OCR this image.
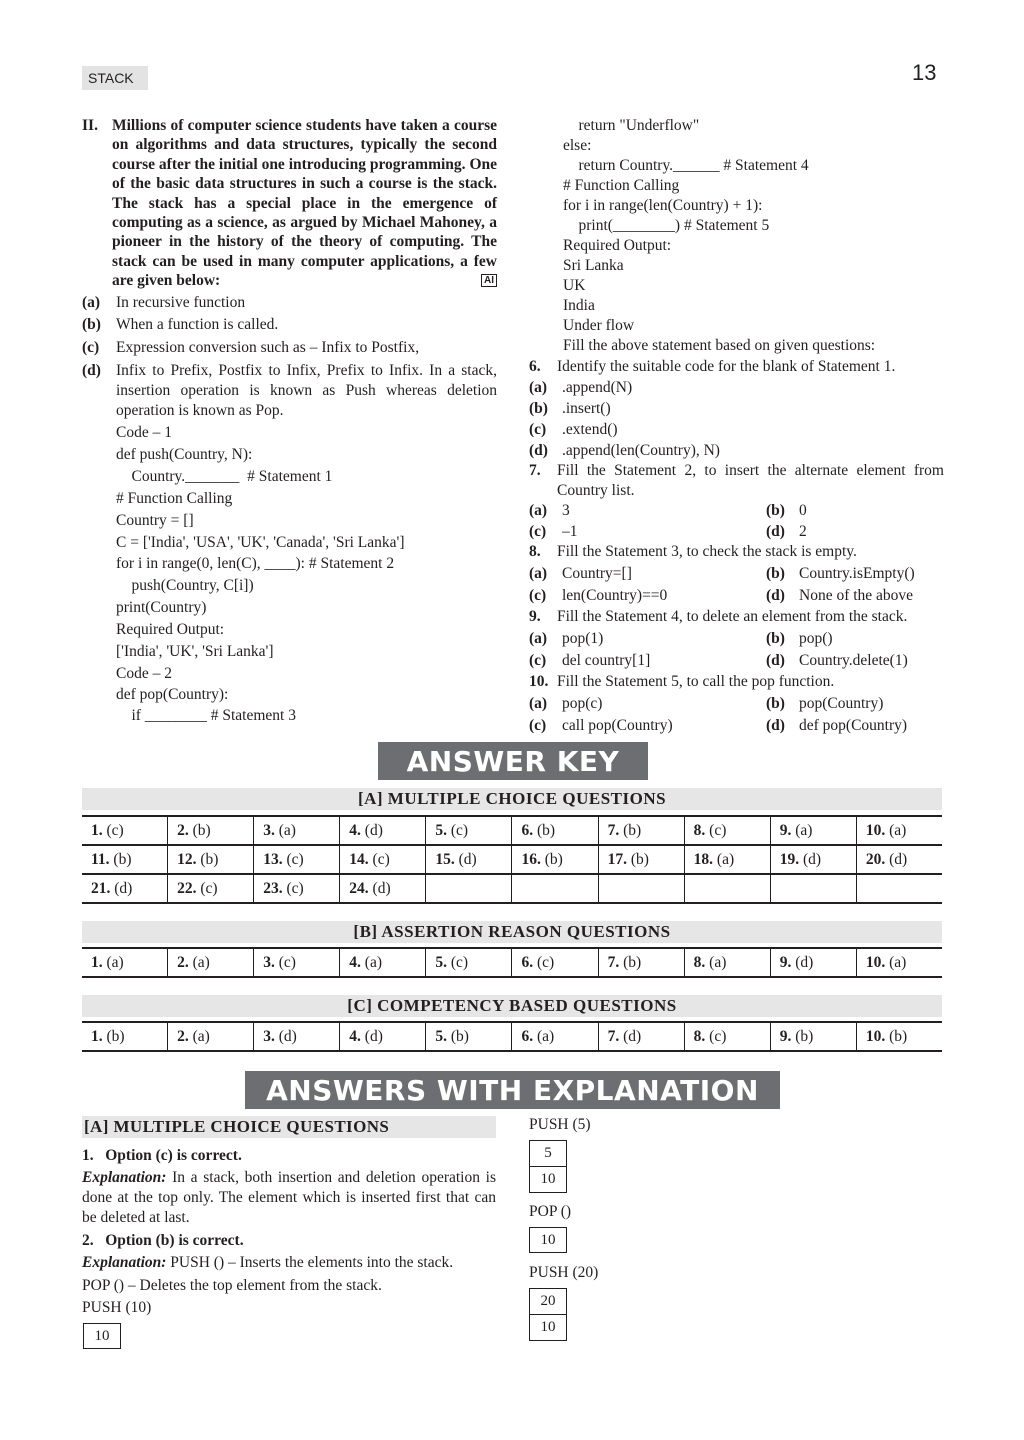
STACK	13
II. Millions of computer science students have taken a course on algorithms and data structures, typically the second course after the initial one introducing programming. One of the basic data structures in such a course is the stack. The stack has a special place in the emergence of computing as a science, as argued by Michael Mahoney, a pioneer in the history of the theory of computing. The stack can be used in many computer applications, a few are given below:	AI
(a) In recursive function
(b) When a function is called.
(c) Expression conversion such as – Infix to Postfix,
(d) Infix to Prefix, Postfix to Infix, Prefix to Infix. In a stack, insertion operation is known as Push whereas deletion operation is known as Pop.
Code – 1
def push(Country, N):
Country._______  # Statement 1
# Function Calling
Country = []
C = ['India', 'USA', 'UK', 'Canada', 'Sri Lanka']
for i in range(0, len(C), ____): # Statement 2
push(Country, C[i])
print(Country)
Required Output:
['India', 'UK', 'Sri Lanka']
Code – 2
def pop(Country):
if ________ # Statement 3
return "Underflow"
else:
return Country.______ # Statement 4
# Function Calling
for i in range(len(Country) + 1):
print(________) # Statement 5
Required Output:
Sri Lanka
UK
India
Under flow
Fill the above statement based on given questions:
6. Identify the suitable code for the blank of Statement 1.
(a) .append(N)
(b) .insert()
(c) .extend()
(d) .append(len(Country), N)
7. Fill the Statement 2, to insert the alternate element from Country list.
(a) 3	(b) 0
(c) –1	(d) 2
8. Fill the Statement 3, to check the stack is empty.
(a) Country=[]	(b) Country.isEmpty()
(c) len(Country)==0	(d) None of the above
9. Fill the Statement 4, to delete an element from the stack.
(a) pop(1)	(b) pop()
(c) del country[1]	(d) Country.delete(1)
10. Fill the Statement 5, to call the pop function.
(a) pop(c)	(b) pop(Country)
(c) call pop(Country)	(d) def pop(Country)
ANSWER KEY
[A] MULTIPLE CHOICE QUESTIONS
1. (c)	2. (b)	3. (a)	4. (d)	5. (c)	6. (b)	7. (b)	8. (c)	9. (a)	10. (a)
11. (b)	12. (b)	13. (c)	14. (c)	15. (d)	16. (b)	17. (b)	18. (a)	19. (d)	20. (d)
21. (d)	22. (c)	23. (c)	24. (d)						
[B] ASSERTION REASON QUESTIONS
1. (a)	2. (a)	3. (c)	4. (a)	5. (c)	6. (c)	7. (b)	8. (a)	9. (d)	10. (a)
[C] COMPETENCY BASED QUESTIONS
1. (b)	2. (a)	3. (d)	4. (d)	5. (b)	6. (a)	7. (d)	8. (c)	9. (b)	10. (b)
ANSWERS WITH EXPLANATION
[A] MULTIPLE CHOICE QUESTIONS
1.   Option (c) is correct.
Explanation: In a stack, both insertion and deletion operation is done at the top only. The element which is inserted first that can be deleted at last.
2.   Option (b) is correct.
Explanation: PUSH () – Inserts the elements into the stack.
POP () – Deletes the top element from the stack.
PUSH (10)
10
PUSH (5)
5
10
POP ()
10
PUSH (20)
20
10
